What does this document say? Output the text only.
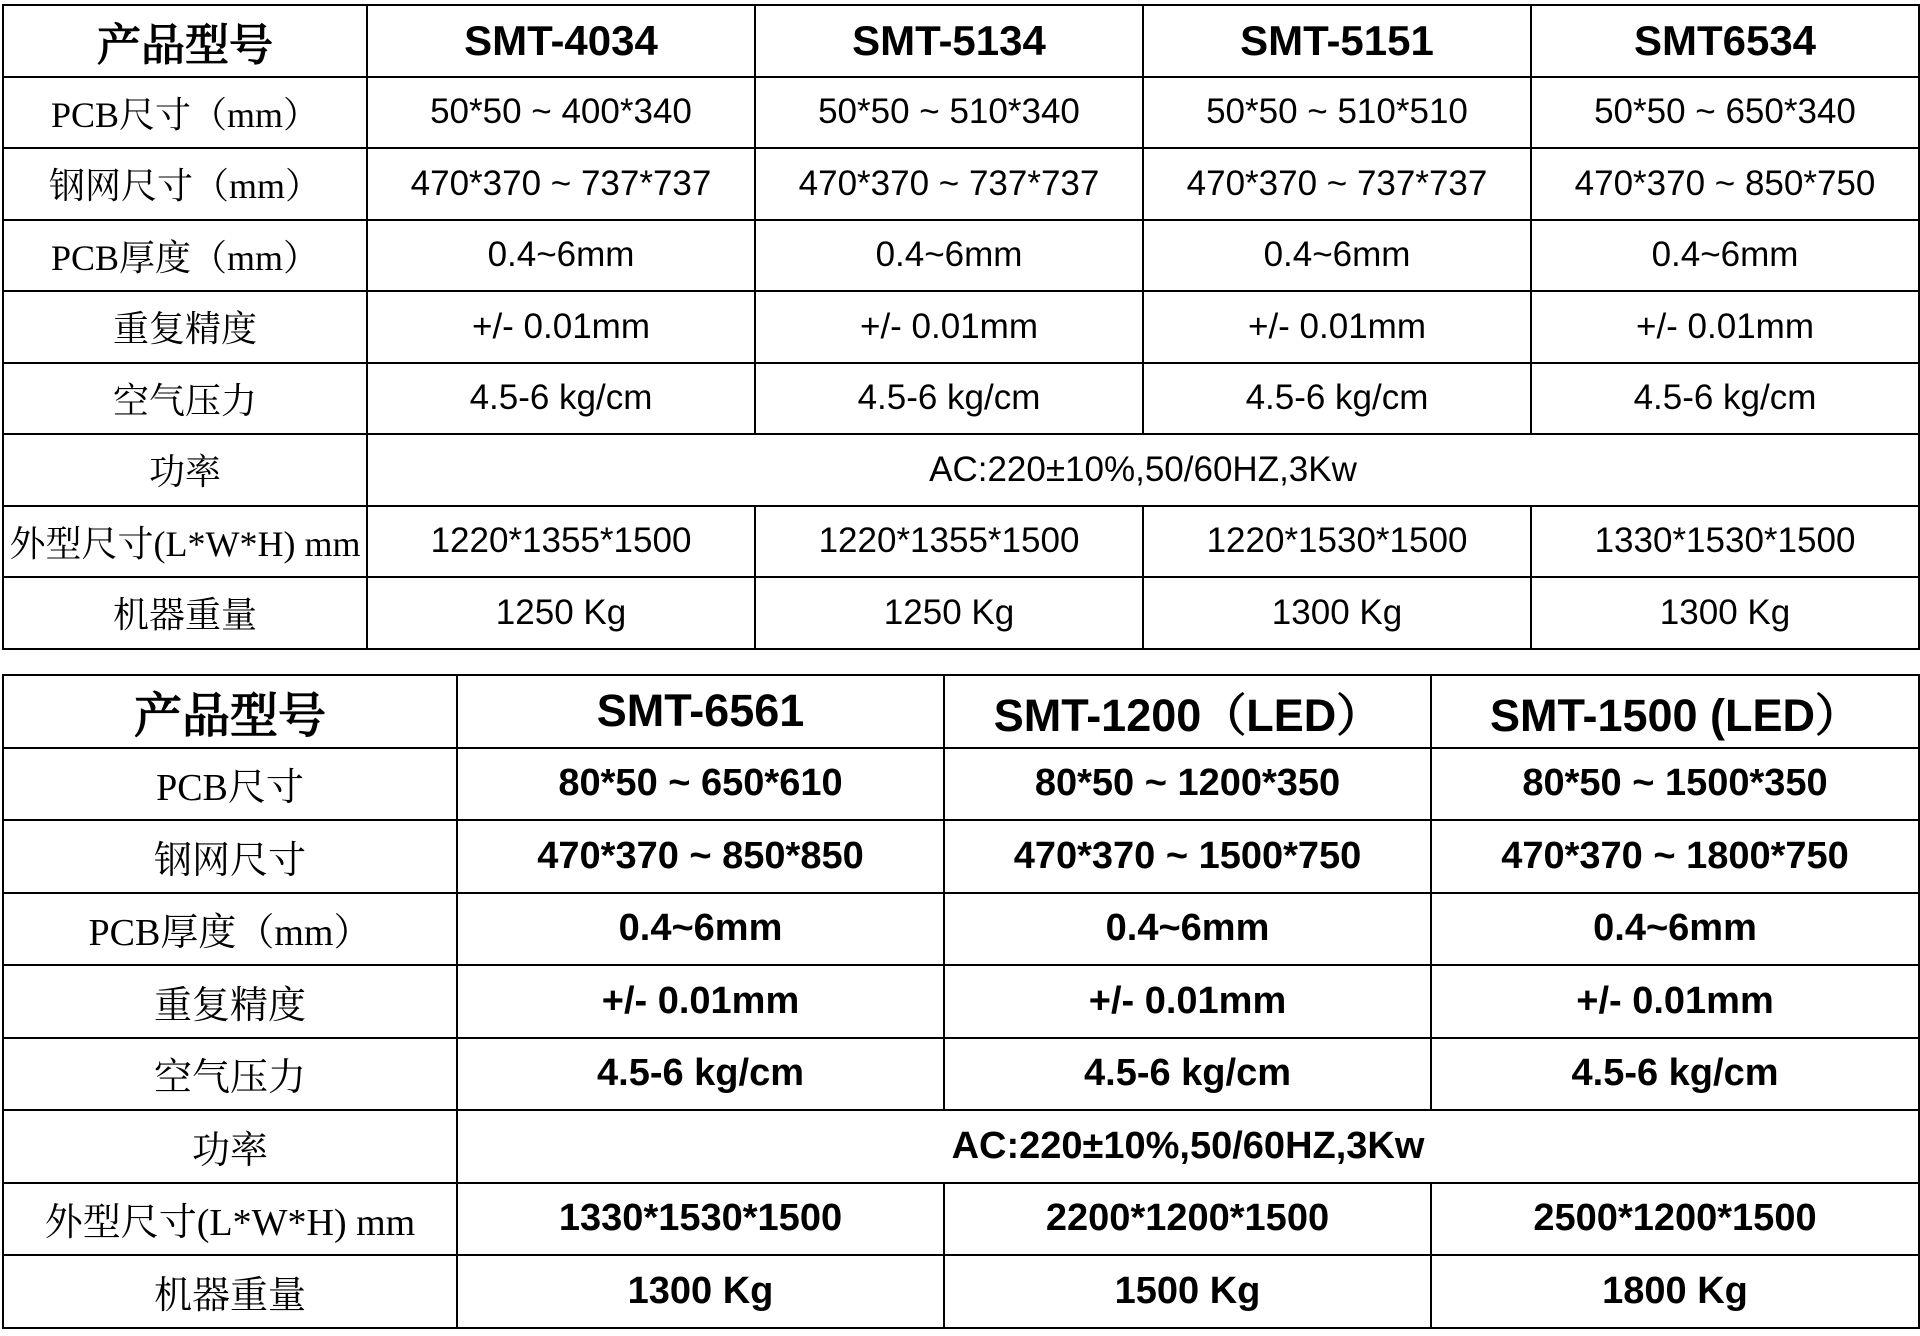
产品型号	SMT-4034	SMT-5134	SMT-5151	SMT6534
PCB尺寸（mm）	50*50 ~ 400*340	50*50 ~ 510*340	50*50 ~ 510*510	50*50 ~ 650*340
钢网尺寸（mm）	470*370 ~ 737*737	470*370 ~ 737*737	470*370 ~ 737*737	470*370 ~ 850*750
PCB厚度（mm）	0.4~6mm	0.4~6mm	0.4~6mm	0.4~6mm
重复精度	+/- 0.01mm	+/- 0.01mm	+/- 0.01mm	+/- 0.01mm
空气压力	4.5-6 kg/cm	4.5-6 kg/cm	4.5-6 kg/cm	4.5-6 kg/cm
功率	AC:220±10%,50/60HZ,3Kw			
外型尺寸(L*W*H) mm	1220*1355*1500	1220*1355*1500	1220*1530*1500	1330*1530*1500
机器重量	1250 Kg	1250 Kg	1300 Kg	1300 Kg
产品型号	SMT-6561	SMT-1200（LED）	SMT-1500 (LED）
PCB尺寸	80*50 ~ 650*610	80*50 ~ 1200*350	80*50 ~ 1500*350
钢网尺寸	470*370 ~ 850*850	470*370 ~ 1500*750	470*370 ~ 1800*750
PCB厚度（mm）	0.4~6mm	0.4~6mm	0.4~6mm
重复精度	+/- 0.01mm	+/- 0.01mm	+/- 0.01mm
空气压力	4.5-6 kg/cm	4.5-6 kg/cm	4.5-6 kg/cm
功率	AC:220±10%,50/60HZ,3Kw		
外型尺寸(L*W*H) mm	1330*1530*1500	2200*1200*1500	2500*1200*1500
机器重量	1300 Kg	1500 Kg	1800 Kg
